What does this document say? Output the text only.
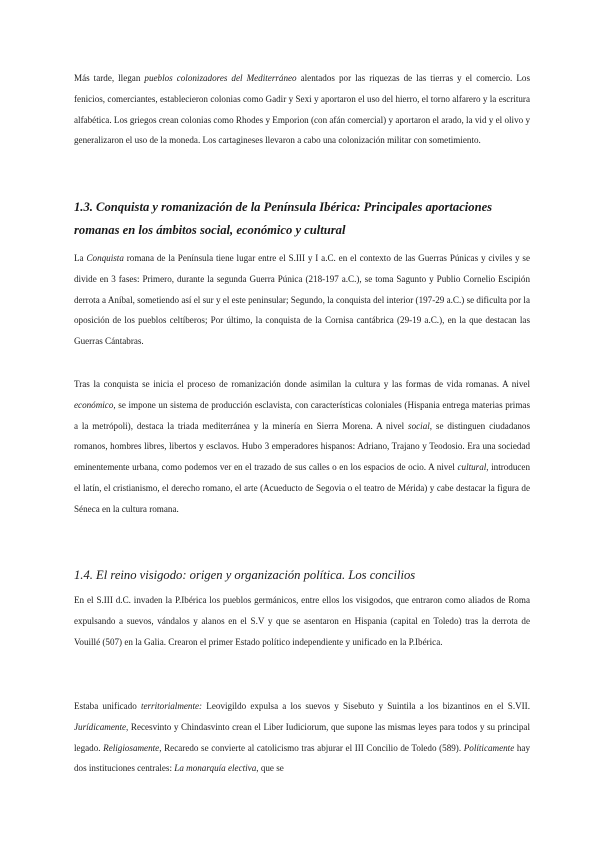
Más tarde, llegan pueblos colonizadores del Mediterráneo alentados por las riquezas de las tierras y el comercio. Los fenicios, comerciantes, establecieron colonias como Gadir y Sexi y aportaron el uso del hierro, el torno alfarero y la escritura alfabética. Los griegos crean colonias como Rhodes y Emporion (con afán comercial) y aportaron el arado, la vid y el olivo y generalizaron el uso de la moneda. Los cartagineses llevaron a cabo una colonización militar con sometimiento.

1.3. Conquista y romanización de la Península Ibérica: Principales aportaciones romanas en los ámbitos social, económico y cultural

La Conquista romana de la Península tiene lugar entre el S.III y I a.C. en el contexto de las Guerras Púnicas y civiles y se divide en 3 fases: Primero, durante la segunda Guerra Púnica (218-197 a.C.), se toma Sagunto y Publio Cornelio Escipión derrota a Aníbal, sometiendo así el sur y el este peninsular; Segundo, la conquista del interior (197-29 a.C.) se dificulta por la oposición de los pueblos celtíberos; Por último, la conquista de la Cornisa cantábrica (29-19 a.C.), en la que destacan las Guerras Cántabras.

Tras la conquista se inicia el proceso de romanización donde asimilan la cultura y las formas de vida romanas. A nivel económico, se impone un sistema de producción esclavista, con características coloniales (Hispania entrega materias primas a la metrópoli), destaca la triada mediterránea y la minería en Sierra Morena. A nivel social, se distinguen ciudadanos romanos, hombres libres, libertos y esclavos. Hubo 3 emperadores hispanos: Adriano, Trajano y Teodosio. Era una sociedad eminentemente urbana, como podemos ver en el trazado de sus calles o en los espacios de ocio. A nivel cultural, introducen el latín, el cristianismo, el derecho romano, el arte (Acueducto de Segovia o el teatro de Mérida) y cabe destacar la figura de Séneca en la cultura romana.

1.4. El reino visigodo: origen y organización política. Los concilios

En el S.III d.C. invaden la P.Ibérica los pueblos germánicos, entre ellos los visigodos, que entraron como aliados de Roma expulsando a suevos, vándalos y alanos en el S.V y que se asentaron en Hispania (capital en Toledo) tras la derrota de Vouillé (507) en la Galia. Crearon el primer Estado político independiente y unificado en la P.Ibérica.

Estaba unificado territorialmente: Leovigildo expulsa a los suevos y Sisebuto y Suintila a los bizantinos en el S.VII. Jurídicamente, Recesvinto y Chindasvinto crean el Liber Iudiciorum, que supone las mismas leyes para todos y su principal legado. Religiosamente, Recaredo se convierte al catolicismo tras abjurar el III Concilio de Toledo (589). Políticamente hay dos instituciones centrales: La monarquía electiva, que se
